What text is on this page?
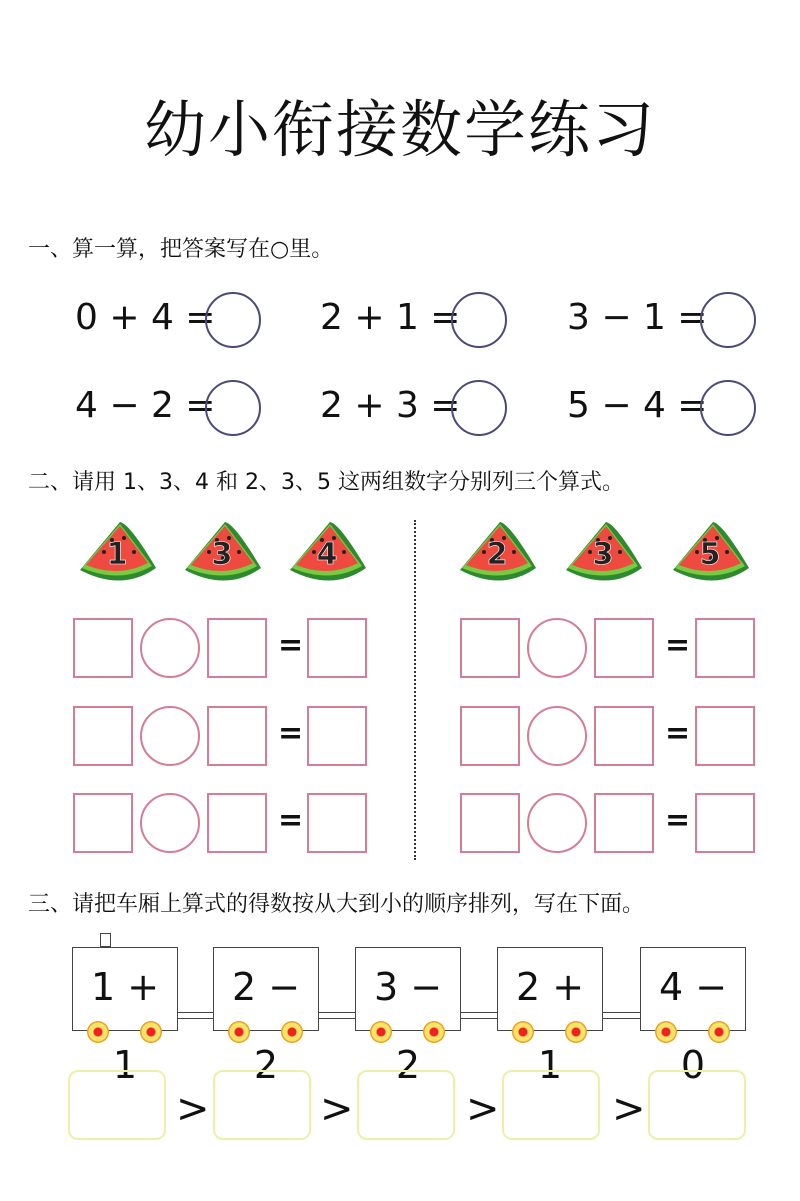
幼小衔接数学练习
一、算一算，把答案写在○里。
二、请用 1、3、4 和 2、3、5 这两组数字分别列三个算式。
三、请把车厢上算式的得数按从大到小的顺序排列，写在下面。
0 + 4 =	2 + 1 =	3 − 1 =
4 − 2 =	2 + 3 =	5 − 4 =
1	3	4	2	3	5
=
=
=
=
=
=
1 + 1
>
2 − 2
>
3 − 2
>
2 + 1
>
4 − 0
